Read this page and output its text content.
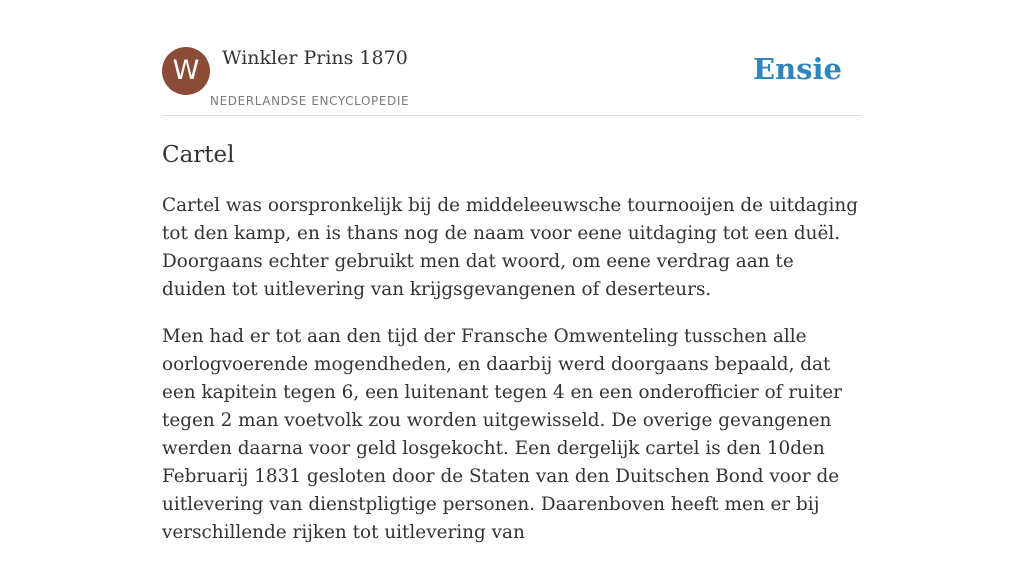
W	Winkler Prins 1870
NEDERLANDSE ENCYCLOPEDIE
Ensie
Cartel

Cartel was oorspronkelijk bij de middeleeuwsche tournooijen de uitdaging tot den kamp, en is thans nog de naam voor eene uitdaging tot een duël. Doorgaans echter gebruikt men dat woord, om eene verdrag aan te duiden tot uitlevering van krijgsgevangenen of deserteurs.

Men had er tot aan den tijd der Fransche Omwenteling tusschen alle oorlogvoerende mogendheden, en daarbij werd doorgaans bepaald, dat een kapitein tegen 6, een luitenant tegen 4 en een onderofficier of ruiter tegen 2 man voetvolk zou worden uitgewisseld. De overige gevangenen werden daarna voor geld losgekocht. Een dergelijk cartel is den 10den Februarij 1831 gesloten door de Staten van den Duitschen Bond voor de uitlevering van dienstpligtige personen. Daarenboven heeft men er bij verschillende rijken tot uitlevering van
